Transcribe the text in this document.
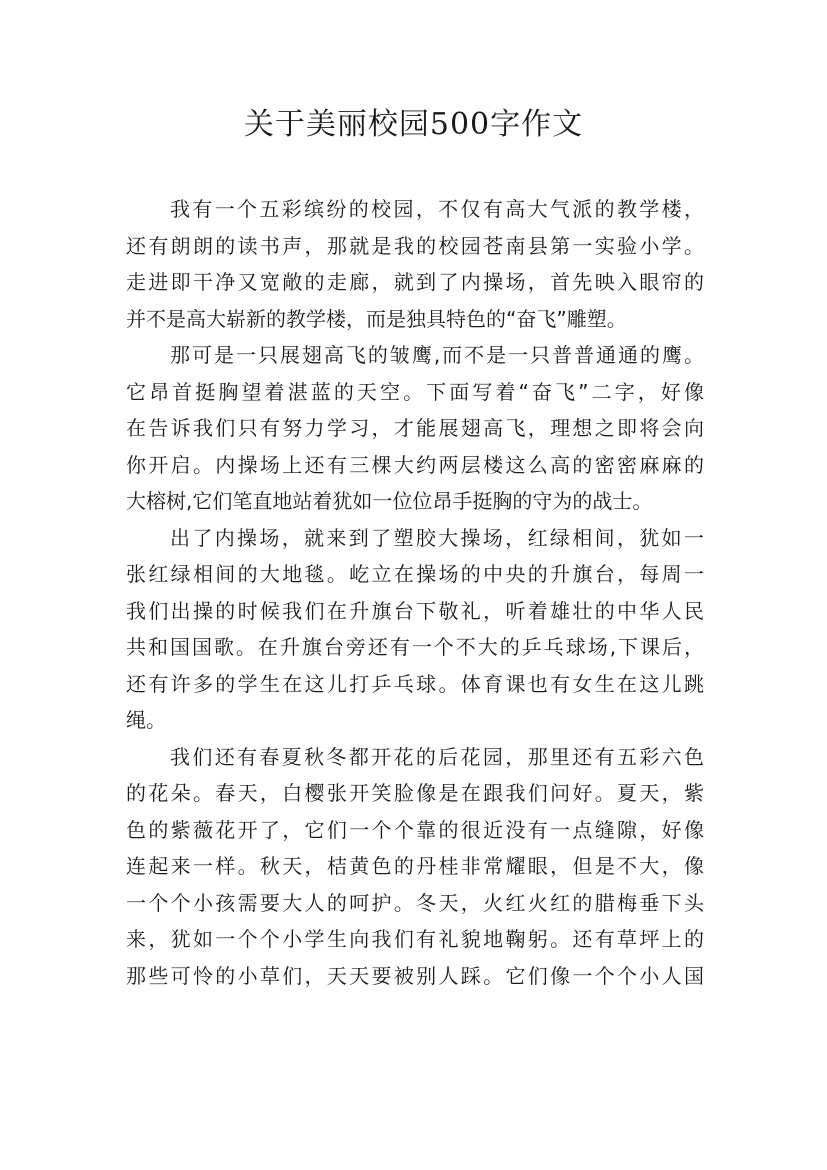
关于美丽校园500字作文
我有一个五彩缤纷的校园，不仅有高大气派的教学楼，
还有朗朗的读书声，那就是我的校园苍南县第一实验小学。
走进即干净又宽敞的走廊，就到了内操场，首先映入眼帘的
并不是高大崭新的教学楼，而是独具特色的“奋飞”雕塑。
那可是一只展翅高飞的皱鹰,而不是一只普普通通的鹰。
它昂首挺胸望着湛蓝的天空。下面写着“奋飞”二字，好像
在告诉我们只有努力学习，才能展翅高飞，理想之即将会向
你开启。内操场上还有三棵大约两层楼这么高的密密麻麻的
大榕树,它们笔直地站着犹如一位位昂手挺胸的守为的战士。
出了内操场，就来到了塑胶大操场，红绿相间，犹如一
张红绿相间的大地毯。屹立在操场的中央的升旗台，每周一
我们出操的时候我们在升旗台下敬礼，听着雄壮的中华人民
共和国国歌。在升旗台旁还有一个不大的乒乓球场,下课后，
还有许多的学生在这儿打乒乓球。体育课也有女生在这儿跳
绳。
我们还有春夏秋冬都开花的后花园，那里还有五彩六色
的花朵。春天，白樱张开笑脸像是在跟我们问好。夏天，紫
色的紫薇花开了，它们一个个靠的很近没有一点缝隙，好像
连起来一样。秋天，桔黄色的丹桂非常耀眼，但是不大，像
一个个小孩需要大人的呵护。冬天，火红火红的腊梅垂下头
来，犹如一个个小学生向我们有礼貌地鞠躬。还有草坪上的
那些可怜的小草们，天天要被别人踩。它们像一个个小人国
